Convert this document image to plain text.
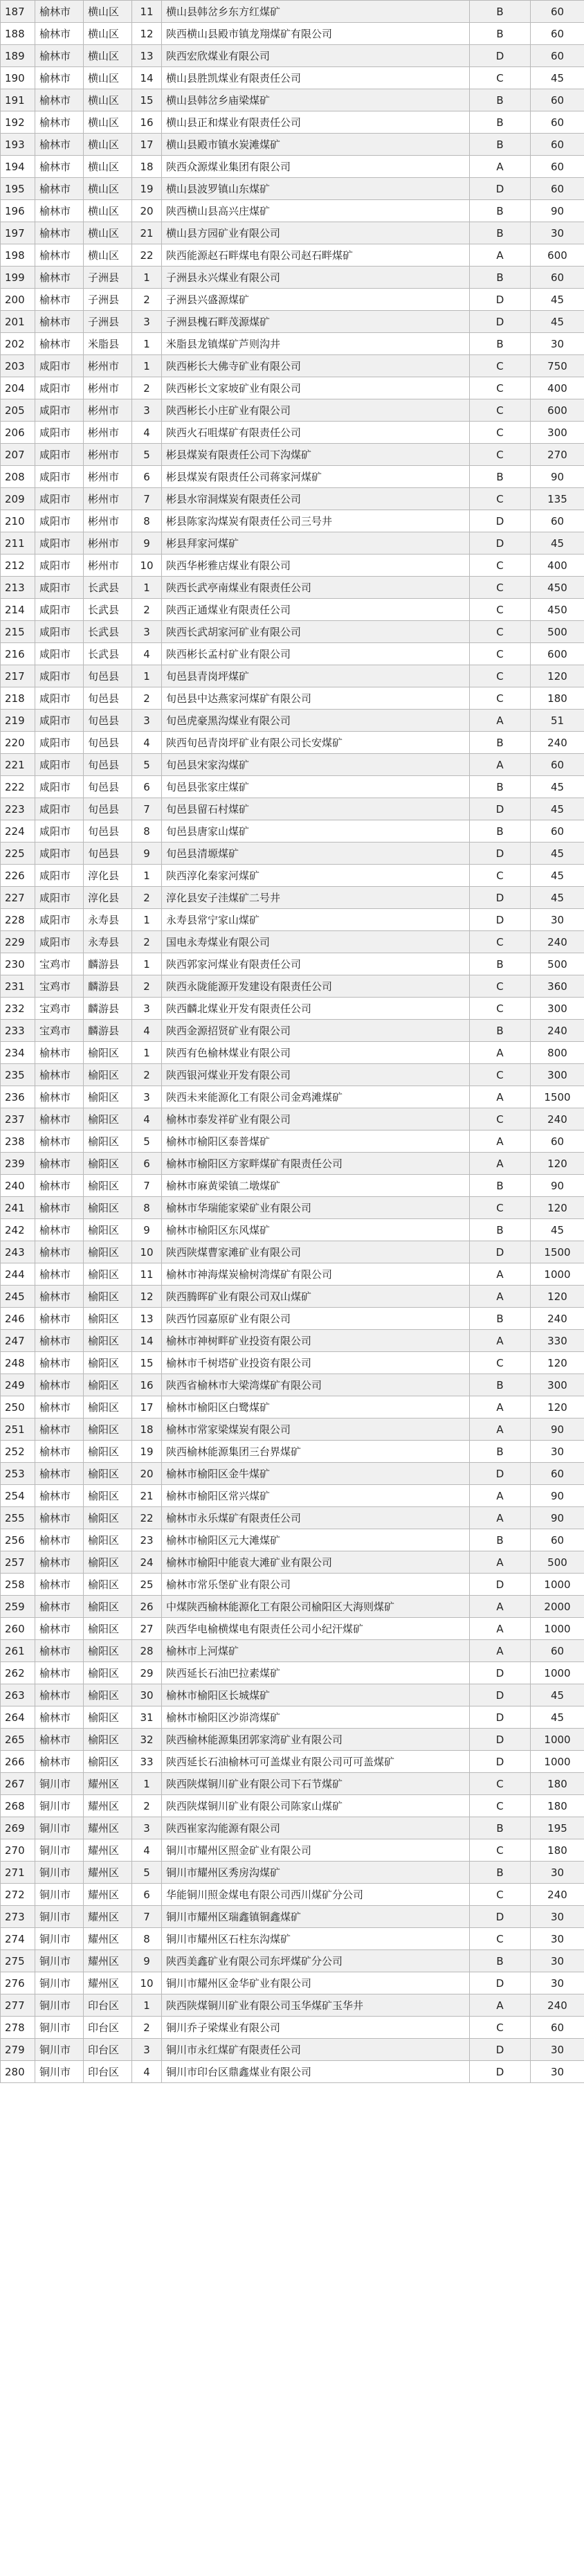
187	榆林市	横山区	11	横山县韩岔乡东方红煤矿	B	60
188	榆林市	横山区	12	陕西横山县殿市镇龙翔煤矿有限公司	B	60
189	榆林市	横山区	13	陕西宏欣煤业有限公司	D	60
190	榆林市	横山区	14	横山县胜凯煤业有限责任公司	C	45
191	榆林市	横山区	15	横山县韩岔乡庙梁煤矿	B	60
192	榆林市	横山区	16	横山县正和煤业有限责任公司	B	60
193	榆林市	横山区	17	横山县殿市镇水炭滩煤矿	B	60
194	榆林市	横山区	18	陕西众源煤业集团有限公司	A	60
195	榆林市	横山区	19	横山县波罗镇山东煤矿	D	60
196	榆林市	横山区	20	陕西横山县高兴庄煤矿	B	90
197	榆林市	横山区	21	横山县方园矿业有限公司	B	30
198	榆林市	横山区	22	陕西能源赵石畔煤电有限公司赵石畔煤矿	A	600
199	榆林市	子洲县	1	子洲县永兴煤业有限公司	B	60
200	榆林市	子洲县	2	子洲县兴盛源煤矿	D	45
201	榆林市	子洲县	3	子洲县槐石畔茂源煤矿	D	45
202	榆林市	米脂县	1	米脂县龙镇煤矿芦则沟井	B	30
203	咸阳市	彬州市	1	陕西彬长大佛寺矿业有限公司	C	750
204	咸阳市	彬州市	2	陕西彬长文家坡矿业有限公司	C	400
205	咸阳市	彬州市	3	陕西彬长小庄矿业有限公司	C	600
206	咸阳市	彬州市	4	陕西火石咀煤矿有限责任公司	C	300
207	咸阳市	彬州市	5	彬县煤炭有限责任公司下沟煤矿	C	270
208	咸阳市	彬州市	6	彬县煤炭有限责任公司蒋家河煤矿	B	90
209	咸阳市	彬州市	7	彬县水帘洞煤炭有限责任公司	C	135
210	咸阳市	彬州市	8	彬县陈家沟煤炭有限责任公司三号井	D	60
211	咸阳市	彬州市	9	彬县拜家河煤矿	D	45
212	咸阳市	彬州市	10	陕西华彬雅店煤业有限公司	C	400
213	咸阳市	长武县	1	陕西长武亭南煤业有限责任公司	C	450
214	咸阳市	长武县	2	陕西正通煤业有限责任公司	C	450
215	咸阳市	长武县	3	陕西长武胡家河矿业有限公司	C	500
216	咸阳市	长武县	4	陕西彬长孟村矿业有限公司	C	600
217	咸阳市	旬邑县	1	旬邑县青岗坪煤矿	C	120
218	咸阳市	旬邑县	2	旬邑县中达燕家河煤矿有限公司	C	180
219	咸阳市	旬邑县	3	旬邑虎豪黑沟煤业有限公司	A	51
220	咸阳市	旬邑县	4	陕西旬邑青岗坪矿业有限公司长安煤矿	B	240
221	咸阳市	旬邑县	5	旬邑县宋家沟煤矿	A	60
222	咸阳市	旬邑县	6	旬邑县张家庄煤矿	B	45
223	咸阳市	旬邑县	7	旬邑县留石村煤矿	D	45
224	咸阳市	旬邑县	8	旬邑县唐家山煤矿	B	60
225	咸阳市	旬邑县	9	旬邑县清塬煤矿	D	45
226	咸阳市	淳化县	1	陕西淳化秦家河煤矿	C	45
227	咸阳市	淳化县	2	淳化县安子洼煤矿二号井	D	45
228	咸阳市	永寿县	1	永寿县常宁家山煤矿	D	30
229	咸阳市	永寿县	2	国电永寿煤业有限公司	C	240
230	宝鸡市	麟游县	1	陕西郭家河煤业有限责任公司	B	500
231	宝鸡市	麟游县	2	陕西永陇能源开发建设有限责任公司	C	360
232	宝鸡市	麟游县	3	陕西麟北煤业开发有限责任公司	C	300
233	宝鸡市	麟游县	4	陕西金源招贤矿业有限公司	B	240
234	榆林市	榆阳区	1	陕西有色榆林煤业有限公司	A	800
235	榆林市	榆阳区	2	陕西银河煤业开发有限公司	C	300
236	榆林市	榆阳区	3	陕西未来能源化工有限公司金鸡滩煤矿	A	1500
237	榆林市	榆阳区	4	榆林市泰发祥矿业有限公司	C	240
238	榆林市	榆阳区	5	榆林市榆阳区泰普煤矿	A	60
239	榆林市	榆阳区	6	榆林市榆阳区方家畔煤矿有限责任公司	A	120
240	榆林市	榆阳区	7	榆林市麻黄梁镇二墩煤矿	B	90
241	榆林市	榆阳区	8	榆林市华瑞能家梁矿业有限公司	C	120
242	榆林市	榆阳区	9	榆林市榆阳区东风煤矿	B	45
243	榆林市	榆阳区	10	陕西陕煤曹家滩矿业有限公司	D	1500
244	榆林市	榆阳区	11	榆林市神海煤炭榆树湾煤矿有限公司	A	1000
245	榆林市	榆阳区	12	陕西腾晖矿业有限公司双山煤矿	A	120
246	榆林市	榆阳区	13	陕西竹园嘉原矿业有限公司	B	240
247	榆林市	榆阳区	14	榆林市神树畔矿业投资有限公司	A	330
248	榆林市	榆阳区	15	榆林市千树塔矿业投资有限公司	C	120
249	榆林市	榆阳区	16	陕西省榆林市大梁湾煤矿有限公司	B	300
250	榆林市	榆阳区	17	榆林市榆阳区白鹭煤矿	A	120
251	榆林市	榆阳区	18	榆林市常家梁煤炭有限公司	A	90
252	榆林市	榆阳区	19	陕西榆林能源集团三台界煤矿	B	30
253	榆林市	榆阳区	20	榆林市榆阳区金牛煤矿	D	60
254	榆林市	榆阳区	21	榆林市榆阳区常兴煤矿	A	90
255	榆林市	榆阳区	22	榆林市永乐煤矿有限责任公司	A	90
256	榆林市	榆阳区	23	榆林市榆阳区元大滩煤矿	B	60
257	榆林市	榆阳区	24	榆林市榆阳中能袁大滩矿业有限公司	A	500
258	榆林市	榆阳区	25	榆林市常乐堡矿业有限公司	D	1000
259	榆林市	榆阳区	26	中煤陕西榆林能源化工有限公司榆阳区大海则煤矿	A	2000
260	榆林市	榆阳区	27	陕西华电榆横煤电有限责任公司小纪汗煤矿	A	1000
261	榆林市	榆阳区	28	榆林市上河煤矿	A	60
262	榆林市	榆阳区	29	陕西延长石油巴拉素煤矿	D	1000
263	榆林市	榆阳区	30	榆林市榆阳区长城煤矿	D	45
264	榆林市	榆阳区	31	榆林市榆阳区沙峁湾煤矿	D	45
265	榆林市	榆阳区	32	陕西榆林能源集团郭家湾矿业有限公司	D	1000
266	榆林市	榆阳区	33	陕西延长石油榆林可可盖煤业有限公司可可盖煤矿	D	1000
267	铜川市	耀州区	1	陕西陕煤铜川矿业有限公司下石节煤矿	C	180
268	铜川市	耀州区	2	陕西陕煤铜川矿业有限公司陈家山煤矿	C	180
269	铜川市	耀州区	3	陕西崔家沟能源有限公司	B	195
270	铜川市	耀州区	4	铜川市耀州区照金矿业有限公司	C	180
271	铜川市	耀州区	5	铜川市耀州区秀房沟煤矿	B	30
272	铜川市	耀州区	6	华能铜川照金煤电有限公司西川煤矿分公司	C	240
273	铜川市	耀州区	7	铜川市耀州区瑞鑫镇铜鑫煤矿	D	30
274	铜川市	耀州区	8	铜川市耀州区石柱东沟煤矿	C	30
275	铜川市	耀州区	9	陕西美鑫矿业有限公司东坪煤矿分公司	B	30
276	铜川市	耀州区	10	铜川市耀州区金华矿业有限公司	D	30
277	铜川市	印台区	1	陕西陕煤铜川矿业有限公司玉华煤矿玉华井	A	240
278	铜川市	印台区	2	铜川乔子梁煤业有限公司	C	60
279	铜川市	印台区	3	铜川市永红煤矿有限责任公司	D	30
280	铜川市	印台区	4	铜川市印台区鼎鑫煤业有限公司	D	30
